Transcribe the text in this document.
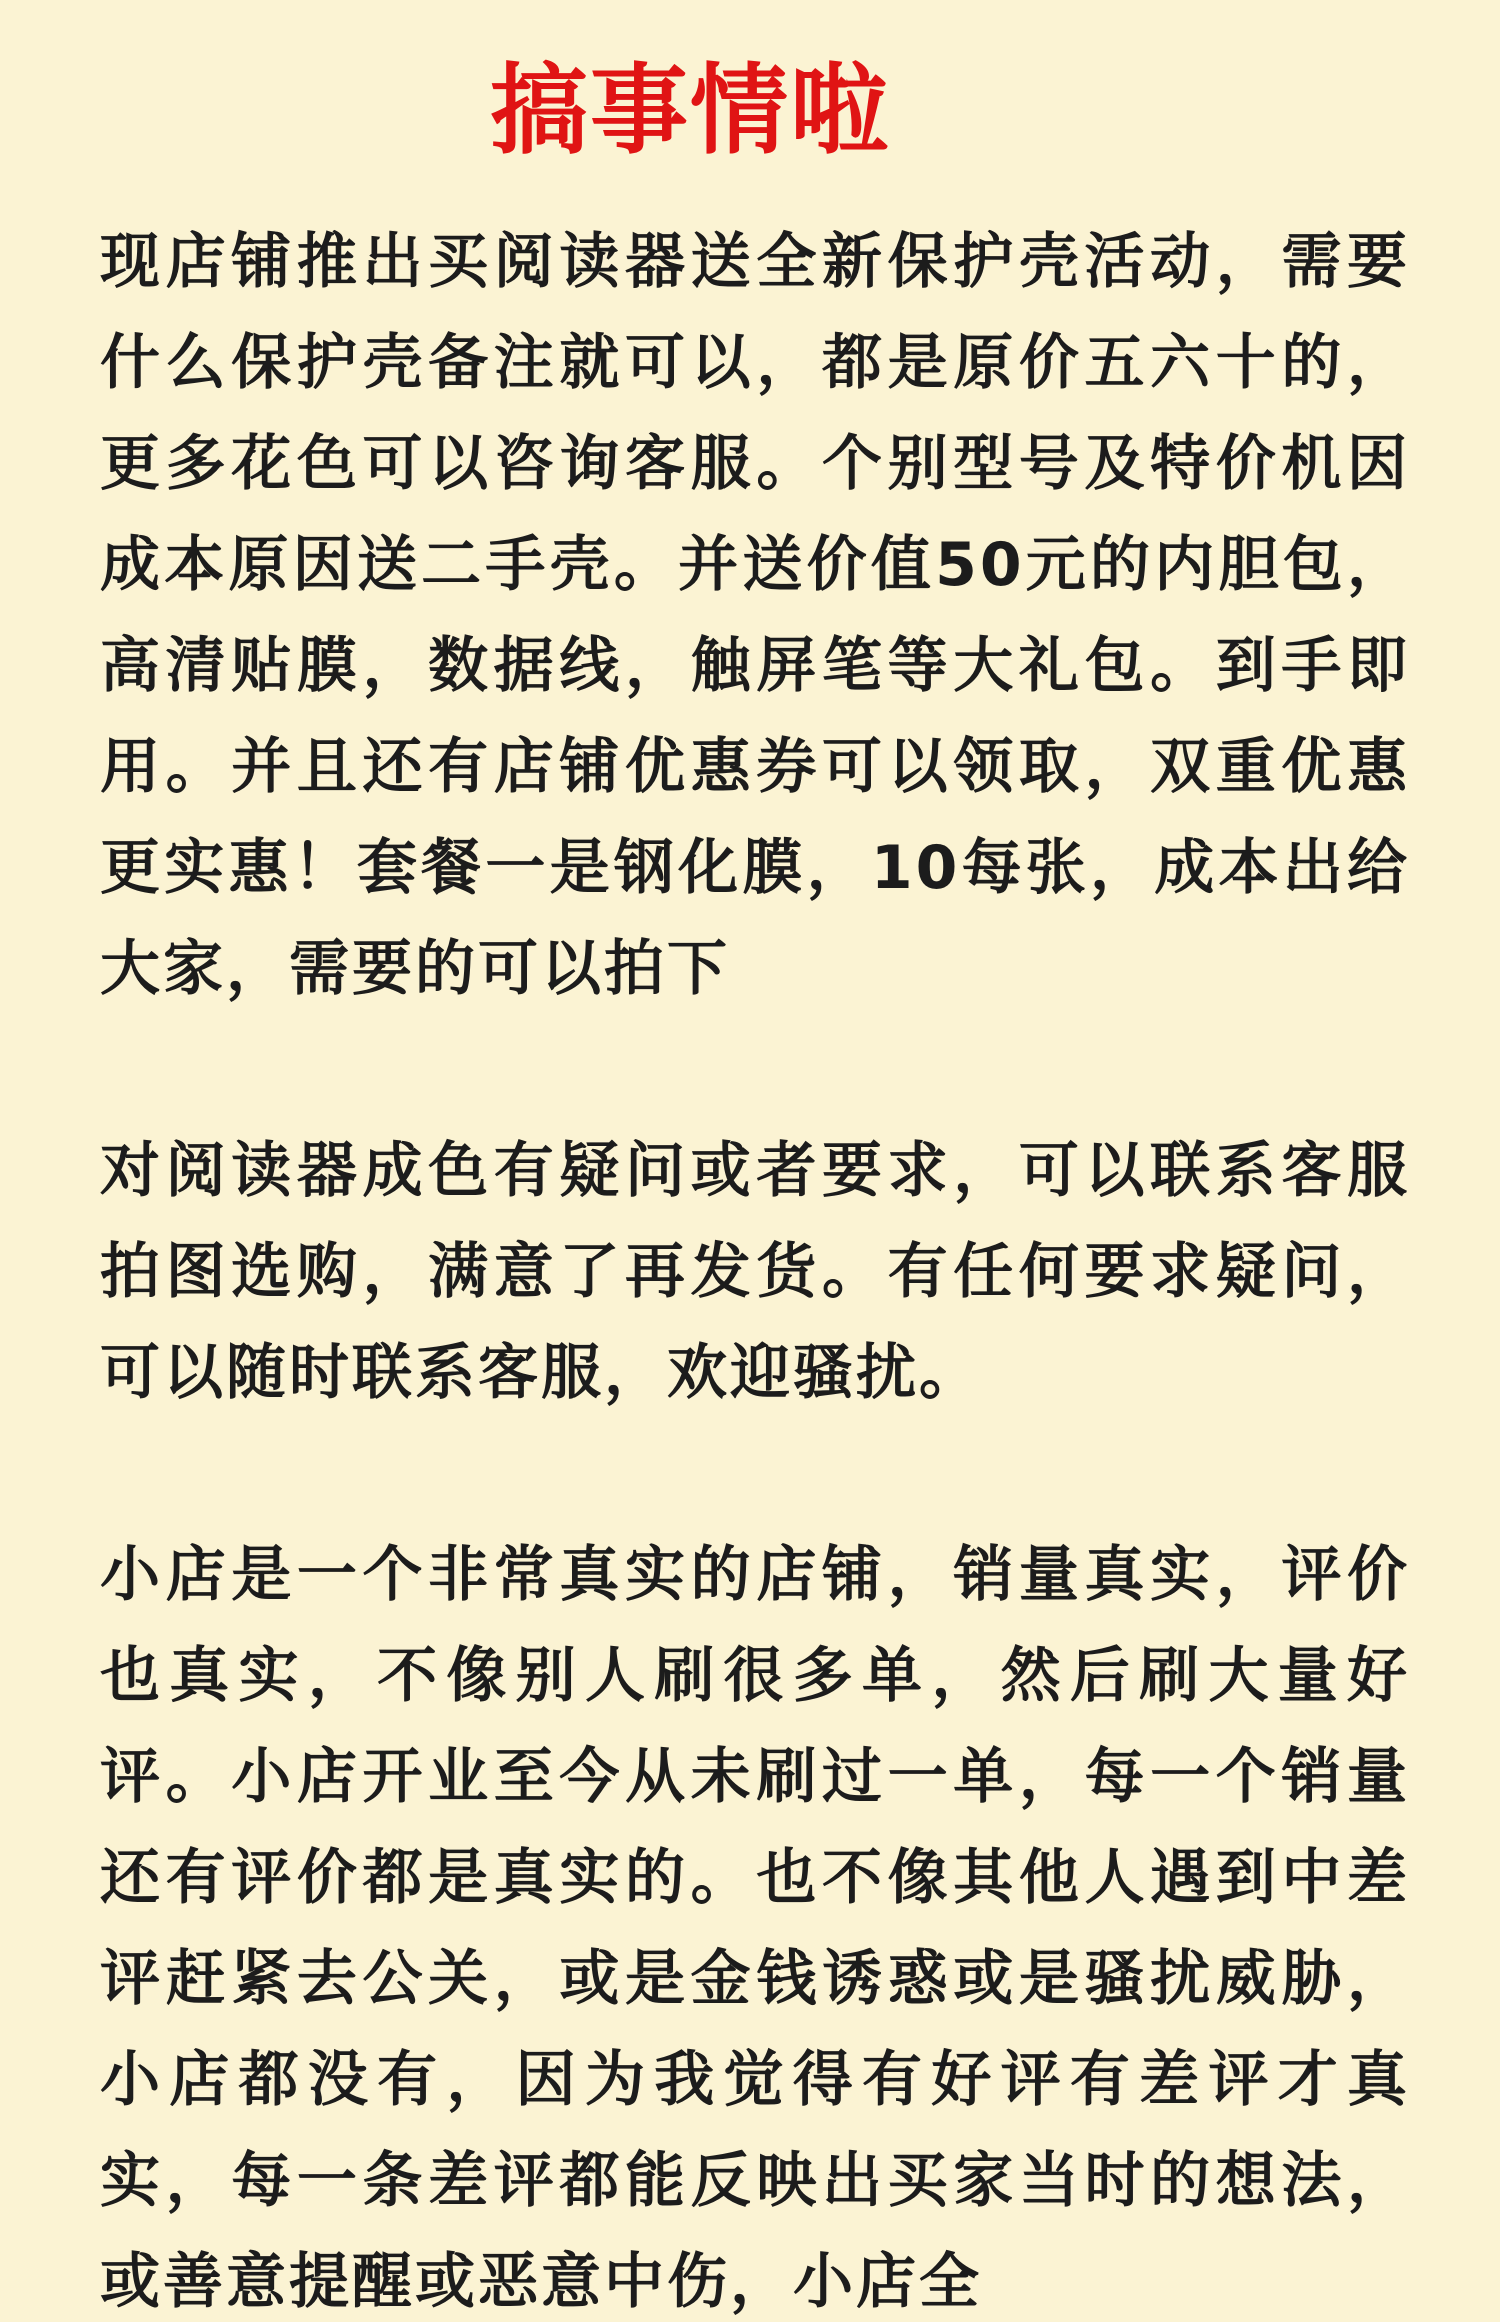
搞事情啦

现店铺推出买阅读器送全新保护壳活动，需要什么保护壳备注就可以，都是原价五六十的，更多花色可以咨询客服。个别型号及特价机因成本原因送二手壳。并送价值50元的内胆包，高清贴膜，数据线，触屏笔等大礼包。到手即用。并且还有店铺优惠券可以领取，双重优惠更实惠！套餐一是钢化膜，10每张，成本出给大家，需要的可以拍下

对阅读器成色有疑问或者要求，可以联系客服拍图选购，满意了再发货。有任何要求疑问，可以随时联系客服，欢迎骚扰。

小店是一个非常真实的店铺，销量真实，评价也真实，不像别人刷很多单，然后刷大量好评。小店开业至今从未刷过一单，每一个销量还有评价都是真实的。也不像其他人遇到中差评赶紧去公关，或是金钱诱惑或是骚扰威胁，小店都没有，因为我觉得有好评有差评才真实，每一条差评都能反映出买家当时的想法，或善意提醒或恶意中伤，小店全
